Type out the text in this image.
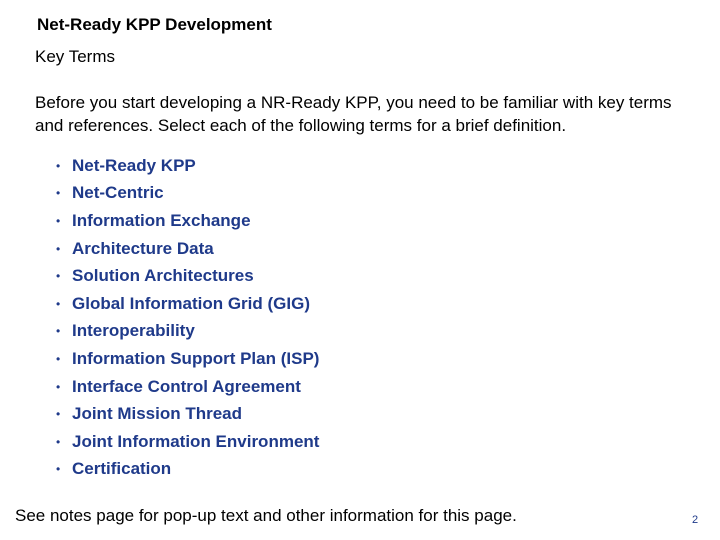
Net-Ready KPP Development
Key Terms
Before you start developing a NR-Ready KPP, you need to be familiar with key terms and references. Select each of the following terms for a brief definition.
• Net-Ready KPP
• Net-Centric
• Information Exchange
• Architecture Data
• Solution Architectures
• Global Information Grid (GIG)
• Interoperability
• Information Support Plan (ISP)
• Interface Control Agreement
• Joint Mission Thread
• Joint Information Environment
• Certification
See notes page for pop-up text and other information for this page.	2
